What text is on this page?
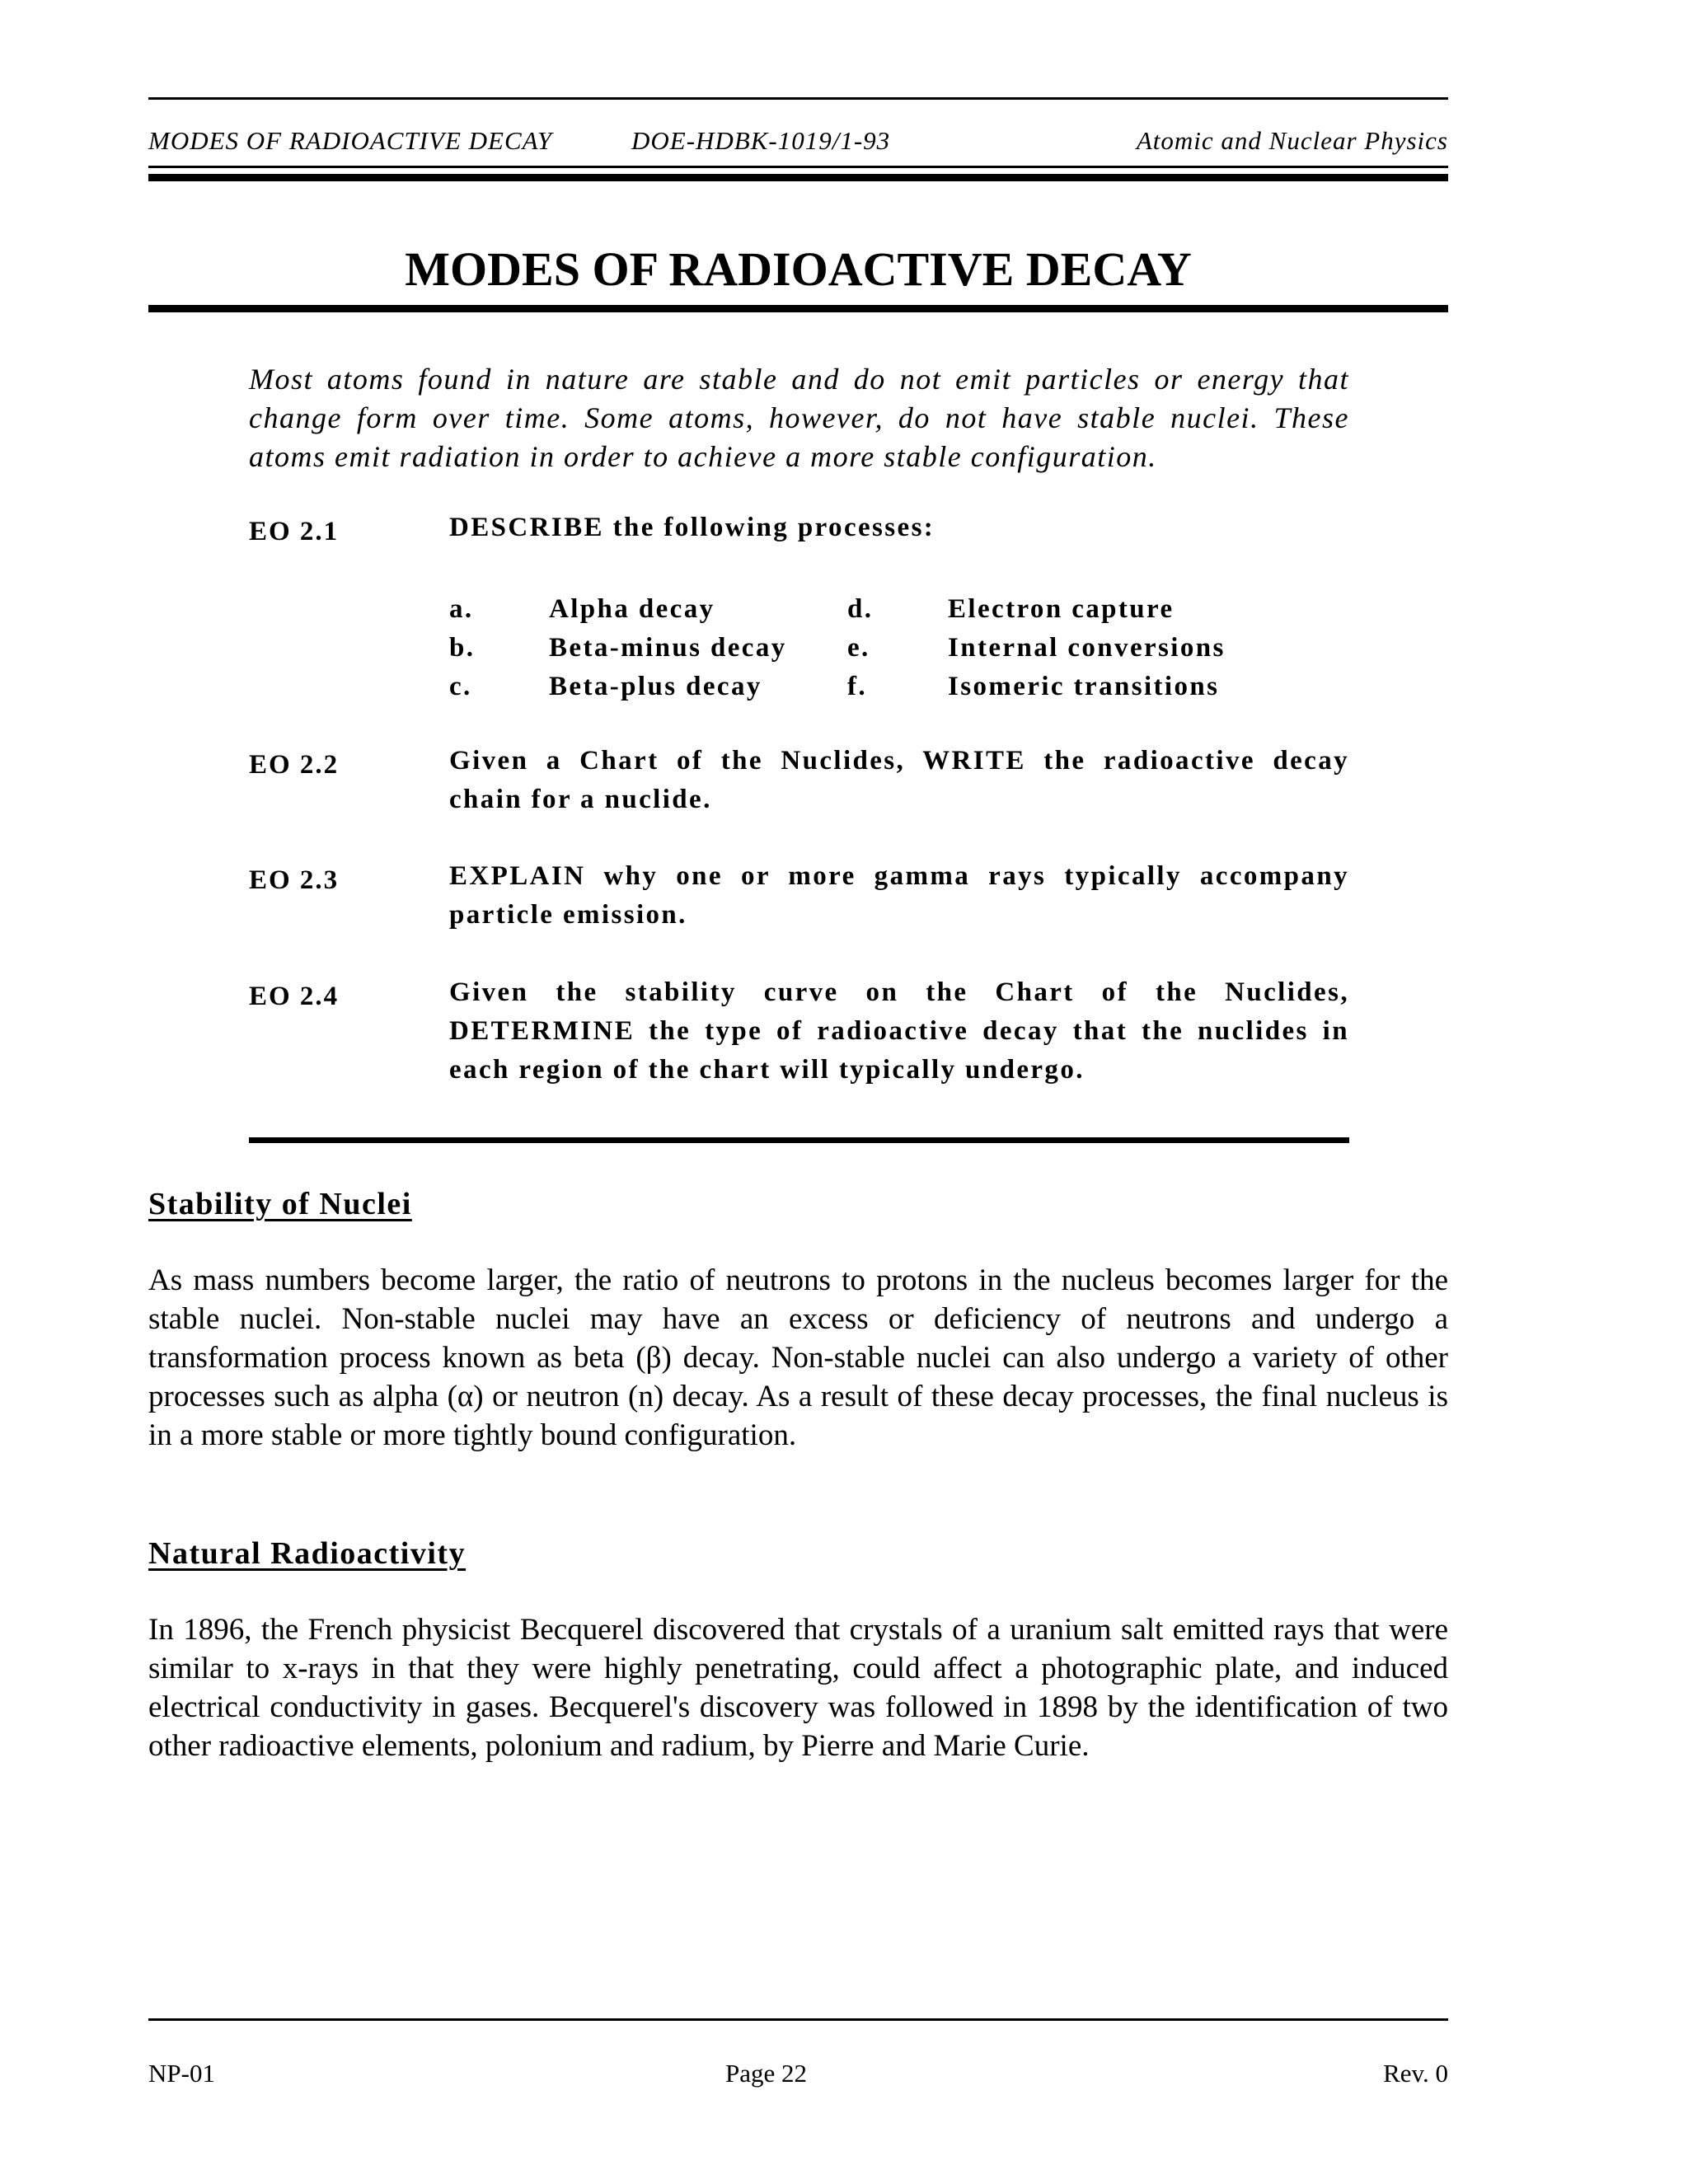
MODES OF RADIOACTIVE DECAY	DOE-HDBK-1019/1-93	Atomic and Nuclear Physics
MODES OF RADIOACTIVE DECAY

Most atoms found in nature are stable and do not emit particles or energy that change form over time. Some atoms, however, do not have stable nuclei. These atoms emit radiation in order to achieve a more stable configuration.

EO 2.1	DESCRIBE the following processes:

a.	Alpha decay
b.	Beta-minus decay
c.	Beta-plus decay
d.	Electron capture
e.	Internal conversions
f.	Isomeric transitions
EO 2.2	Given a Chart of the Nuclides, WRITE the radioactive decay chain for a nuclide.

EO 2.3	EXPLAIN why one or more gamma rays typically accompany particle emission.

EO 2.4	Given the stability curve on the Chart of the Nuclides, DETERMINE the type of radioactive decay that the nuclides in each region of the chart will typically undergo.

Stability of Nuclei

As mass numbers become larger, the ratio of neutrons to protons in the nucleus becomes larger for the stable nuclei. Non-stable nuclei may have an excess or deficiency of neutrons and undergo a transformation process known as beta (β) decay. Non-stable nuclei can also undergo a variety of other processes such as alpha (α) or neutron (n) decay. As a result of these decay processes, the final nucleus is in a more stable or more tightly bound configuration.

Natural Radioactivity

In 1896, the French physicist Becquerel discovered that crystals of a uranium salt emitted rays that were similar to x-rays in that they were highly penetrating, could affect a photographic plate, and induced electrical conductivity in gases. Becquerel's discovery was followed in 1898 by the identification of two other radioactive elements, polonium and radium, by Pierre and Marie Curie.

NP-01	Page 22	Rev. 0
